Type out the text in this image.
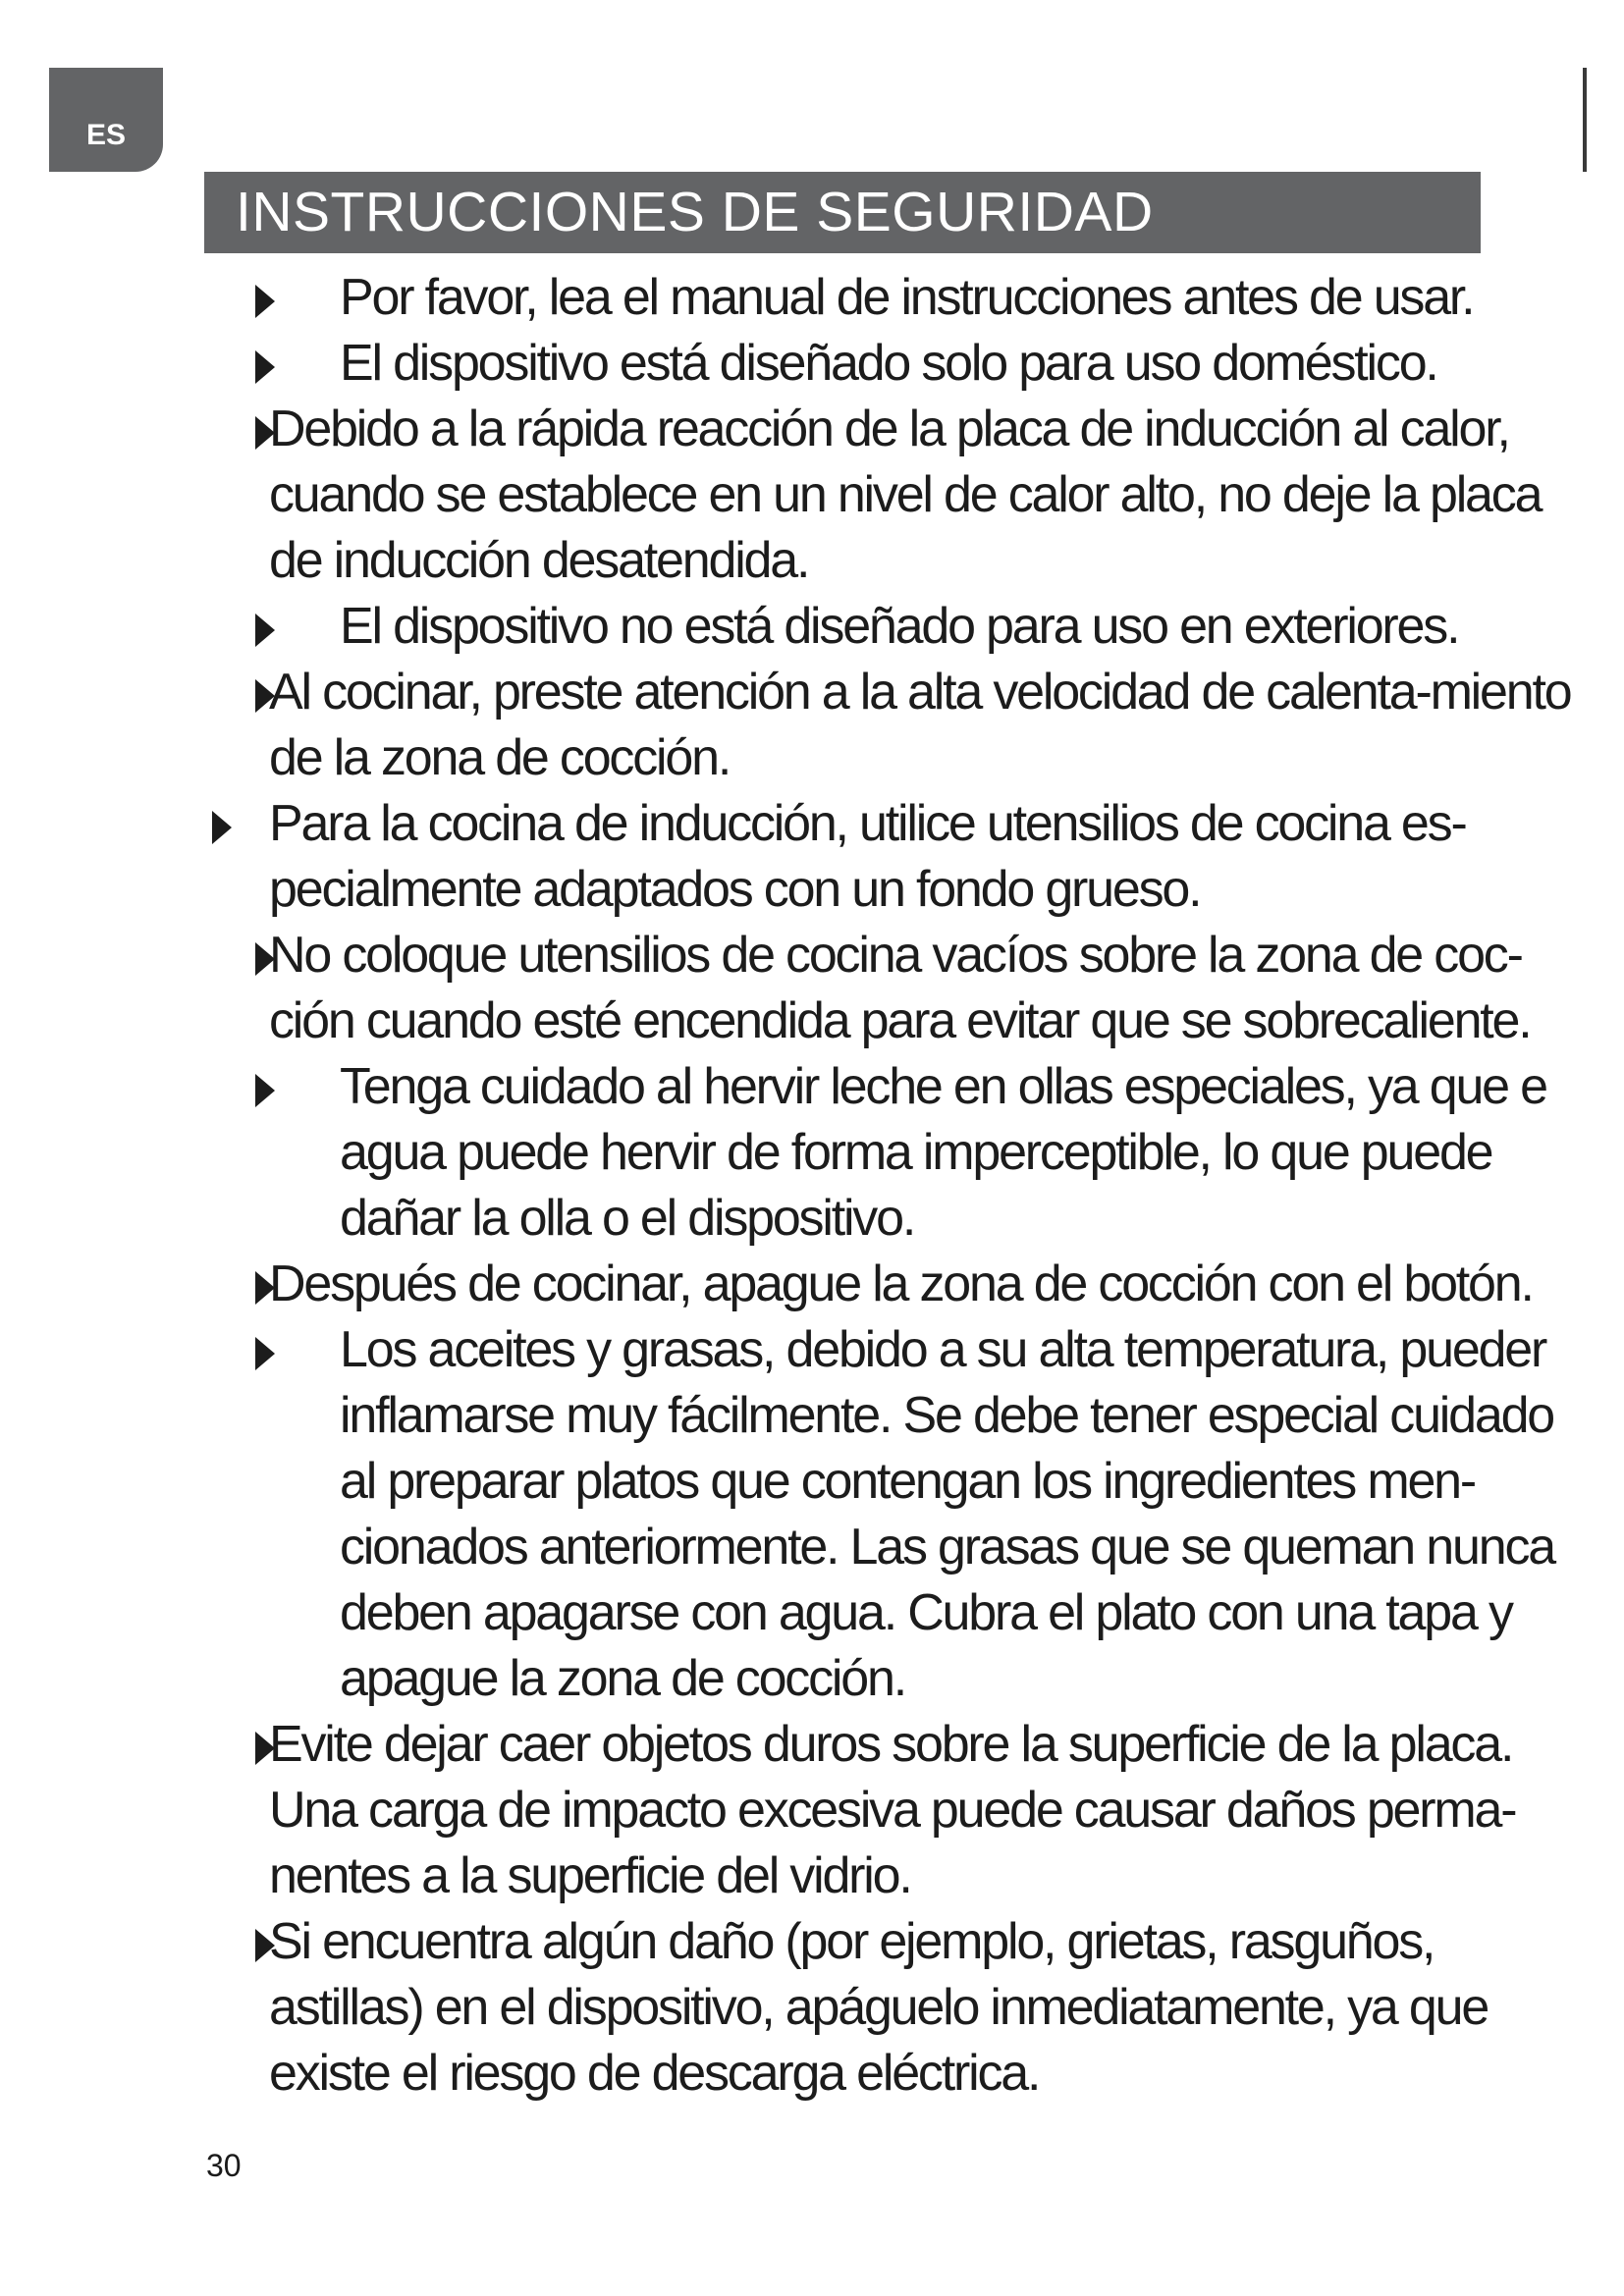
ES
INSTRUCCIONES DE SEGURIDAD
Por favor, lea el manual de instrucciones antes de usar.
El dispositivo está diseñado solo para uso doméstico.
Debido a la rápida reacción de la placa de inducción al calor, cuando se establece en un nivel de calor alto, no deje la placa de inducción desatendida.
El dispositivo no está diseñado para uso en exteriores.
Al cocinar, preste atención a la alta velocidad de calenta-miento de la zona de cocción.
Para la cocina de inducción, utilice utensilios de cocina es-pecialmente adaptados con un fondo grueso.
No coloque utensilios de cocina vacíos sobre la zona de coc-ción cuando esté encendida para evitar que se sobrecaliente.
Tenga cuidado al hervir leche en ollas especiales, ya que e agua puede hervir de forma imperceptible, lo que puede dañar la olla o el dispositivo.
Después de cocinar, apague la zona de cocción con el botón.
Los aceites y grasas, debido a su alta temperatura, pueder inflamarse muy fácilmente. Se debe tener especial cuidado al preparar platos que contengan los ingredientes men-cionados anteriormente. Las grasas que se queman nunca deben apagarse con agua. Cubra el plato con una tapa y apague la zona de cocción.
Evite dejar caer objetos duros sobre la superficie de la placa. Una carga de impacto excesiva puede causar daños perma-nentes a la superficie del vidrio.
Si encuentra algún daño (por ejemplo, grietas, rasguños, astillas) en el dispositivo, apáguelo inmediatamente, ya que existe el riesgo de descarga eléctrica.
30
